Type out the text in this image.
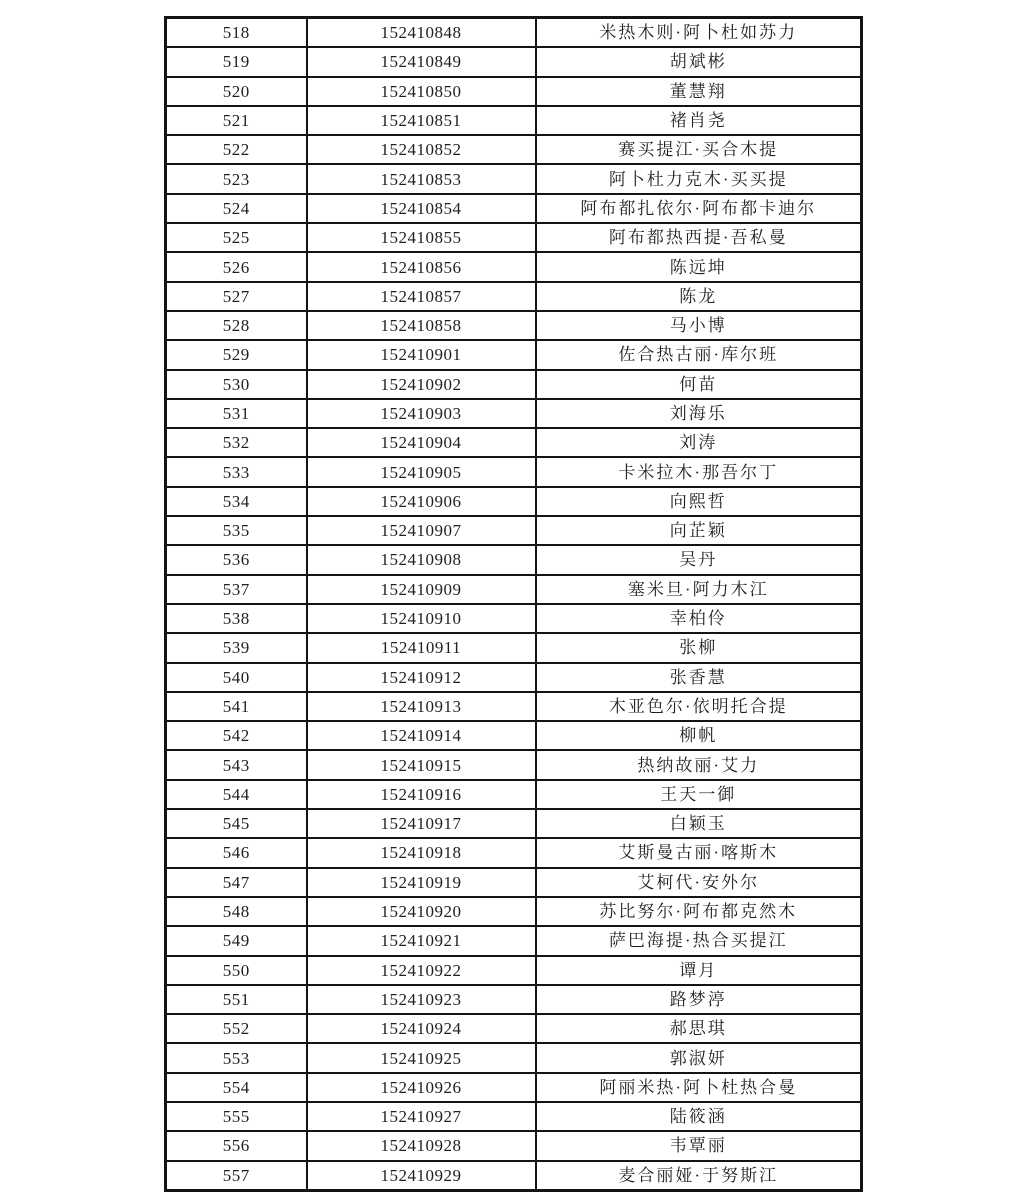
518	152410848	米热木则·阿卜杜如苏力
519	152410849	胡斌彬
520	152410850	董慧翔
521	152410851	褚肖尧
522	152410852	赛买提江·买合木提
523	152410853	阿卜杜力克木·买买提
524	152410854	阿布都扎依尔·阿布都卡迪尔
525	152410855	阿布都热西提·吾私曼
526	152410856	陈远坤
527	152410857	陈龙
528	152410858	马小博
529	152410901	佐合热古丽·库尔班
530	152410902	何苗
531	152410903	刘海乐
532	152410904	刘涛
533	152410905	卡米拉木·那吾尔丁
534	152410906	向熙哲
535	152410907	向芷颖
536	152410908	吴丹
537	152410909	塞米旦·阿力木江
538	152410910	幸柏伶
539	152410911	张柳
540	152410912	张香慧
541	152410913	木亚色尔·依明托合提
542	152410914	柳帆
543	152410915	热纳故丽·艾力
544	152410916	王天一御
545	152410917	白颖玉
546	152410918	艾斯曼古丽·喀斯木
547	152410919	艾柯代·安外尔
548	152410920	苏比努尔·阿布都克然木
549	152410921	萨巴海提·热合买提江
550	152410922	谭月
551	152410923	路梦渟
552	152410924	郝思琪
553	152410925	郭淑妍
554	152410926	阿丽米热·阿卜杜热合曼
555	152410927	陆筱涵
556	152410928	韦覃丽
557	152410929	麦合丽娅·于努斯江
